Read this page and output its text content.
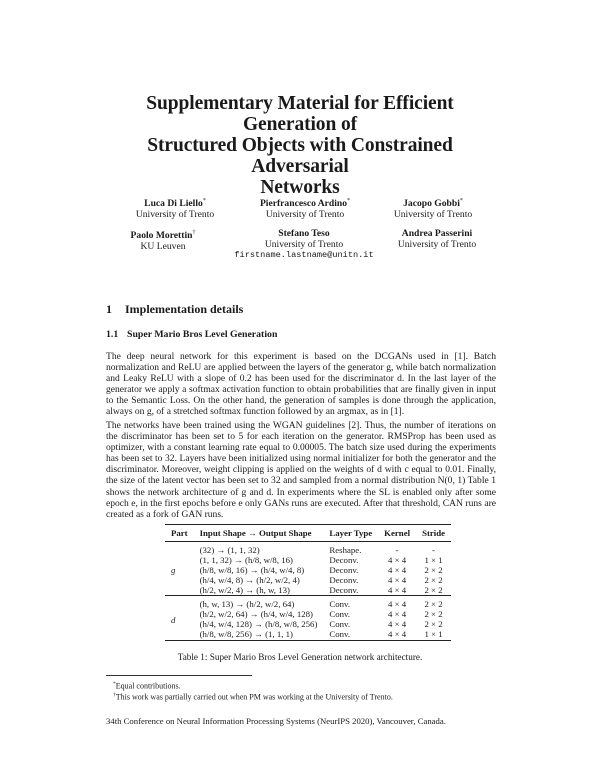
Supplementary Material for Efficient Generation of
Structured Objects with Constrained Adversarial
Networks
Luca Di Liello*
University of Trento
Pierfrancesco Ardino*
University of Trento
Jacopo Gobbi*
University of Trento
Paolo Morettin†
KU Leuven
Stefano Teso
University of Trento
firstname.lastname@unitn.it
Andrea Passerini
University of Trento
1 Implementation details
1.1 Super Mario Bros Level Generation
The deep neural network for this experiment is based on the DCGANs used in [1]. Batch normalization and ReLU are applied between the layers of the generator g, while batch normalization and Leaky ReLU with a slope of 0.2 has been used for the discriminator d. In the last layer of the generator we apply a softmax activation function to obtain probabilities that are finally given in input to the Semantic Loss. On the other hand, the generation of samples is done through the application, always on g, of a stretched softmax function followed by an argmax, as in [1].
The networks have been trained using the WGAN guidelines [2]. Thus, the number of iterations on the discriminator has been set to 5 for each iteration on the generator. RMSProp has been used as optimizer, with a constant learning rate equal to 0.00005. The batch size used during the experiments has been set to 32. Layers have been initialized using normal initializer for both the generator and the discriminator. Moreover, weight clipping is applied on the weights of d with c equal to 0.01. Finally, the size of the latent vector has been set to 32 and sampled from a normal distribution N(0, 1) Table 1 shows the network architecture of g and d. In experiments where the SL is enabled only after some epoch e, in the first epochs before e only GANs runs are executed. After that threshold, CAN runs are created as a fork of GAN runs.
Part	Input Shape → Output Shape	Layer Type	Kernel	Stride
g	(32) → (1, 1, 32)	Reshape.	-	-
	(1, 1, 32) → (h/8, w/8, 16)	Deconv.	4 × 4	1 × 1
	(h/8, w/8, 16) → (h/4, w/4, 8)	Deconv.	4 × 4	2 × 2
	(h/4, w/4, 8) → (h/2, w/2, 4)	Deconv.	4 × 4	2 × 2
	(h/2, w/2, 4) → (h, w, 13)	Deconv.	4 × 4	2 × 2
d	(h, w, 13) → (h/2, w/2, 64)	Conv.	4 × 4	2 × 2
	(h/2, w/2, 64) → (h/4, w/4, 128)	Conv.	4 × 4	2 × 2
	(h/4, w/4, 128) → (h/8, w/8, 256)	Conv.	4 × 4	2 × 2
	(h/8, w/8, 256) → (1, 1, 1)	Conv.	4 × 4	1 × 1
Table 1: Super Mario Bros Level Generation network architecture.
*Equal contributions.
†This work was partially carried out when PM was working at the University of Trento.
34th Conference on Neural Information Processing Systems (NeurIPS 2020), Vancouver, Canada.
